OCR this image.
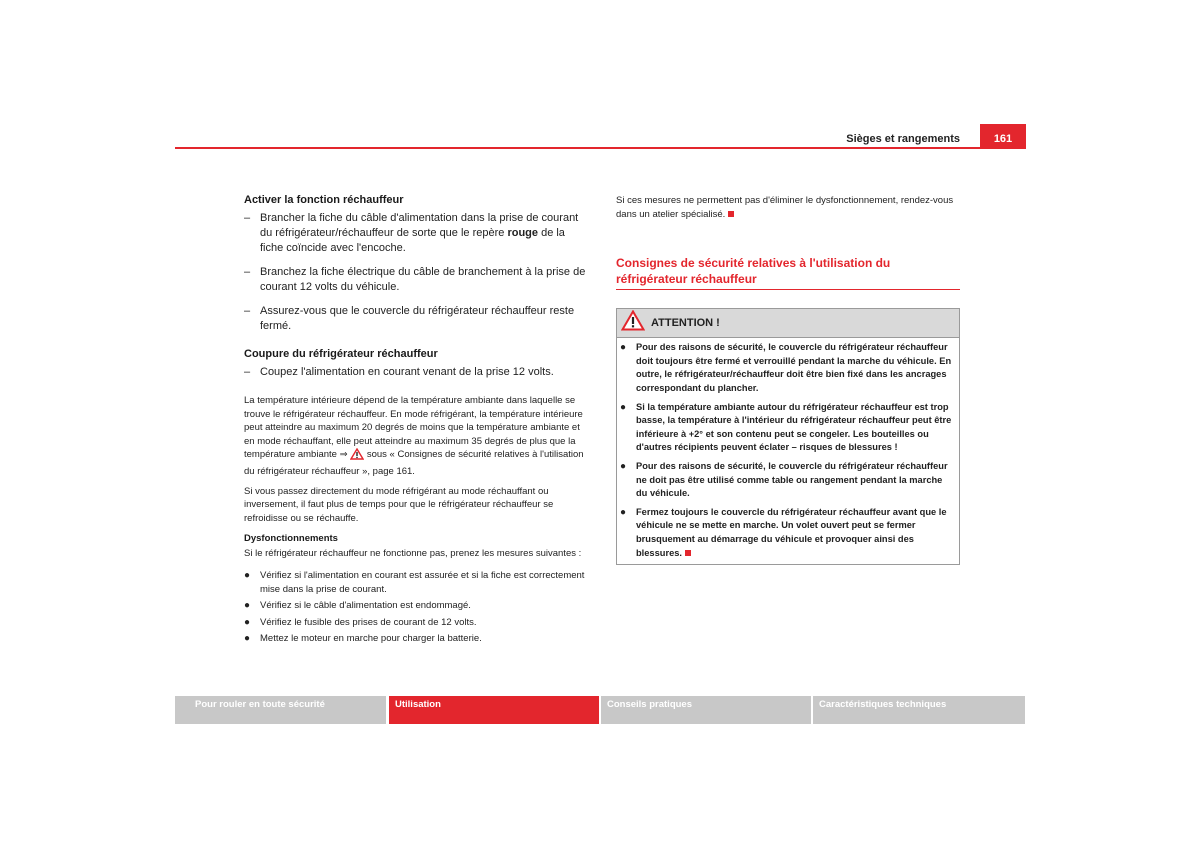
Sièges et rangements	161
Activer la fonction réchauffeur
– Brancher la fiche du câble d'alimentation dans la prise de courant du réfrigérateur/réchauffeur de sorte que le repère rouge de la fiche coïncide avec l'encoche.
– Branchez la fiche électrique du câble de branchement à la prise de courant 12 volts du véhicule.
– Assurez-vous que le couvercle du réfrigérateur réchauffeur reste fermé.
Coupure du réfrigérateur réchauffeur
– Coupez l'alimentation en courant venant de la prise 12 volts.

La température intérieure dépend de la température ambiante dans laquelle se trouve le réfrigérateur réchauffeur. En mode réfrigérant, la température intérieure peut atteindre au maximum 20 degrés de moins que la température ambiante et en mode réchauffant, elle peut atteindre au maximum 35 degrés de plus que la température ambiante ⇒  sous « Consignes de sécurité relatives à l'utilisation du réfrigérateur réchauffeur », page 161.

Si vous passez directement du mode réfrigérant au mode réchauffant ou inversement, il faut plus de temps pour que le réfrigérateur réchauffeur se refroidisse ou se réchauffe.

Dysfonctionnements

Si le réfrigérateur réchauffeur ne fonctionne pas, prenez les mesures suivantes :

● Vérifiez si l'alimentation en courant est assurée et si la fiche est correctement mise dans la prise de courant.
● Vérifiez si le câble d'alimentation est endommagé.
● Vérifiez le fusible des prises de courant de 12 volts.
● Mettez le moteur en marche pour charger la batterie.

Si ces mesures ne permettent pas d'éliminer le dysfonctionnement, rendez-vous dans un atelier spécialisé.

Consignes de sécurité relatives à l'utilisation du réfrigérateur réchauffeur
ATTENTION !
● Pour des raisons de sécurité, le couvercle du réfrigérateur réchauffeur doit toujours être fermé et verrouillé pendant la marche du véhicule. En outre, le réfrigérateur/réchauffeur doit être bien fixé dans les ancrages correspondant du plancher.
● Si la température ambiante autour du réfrigérateur réchauffeur est trop basse, la température à l'intérieur du réfrigérateur réchauffeur peut être inférieure à +2° et son contenu peut se congeler. Les bouteilles ou d'autres récipients peuvent éclater – risques de blessures !
● Pour des raisons de sécurité, le couvercle du réfrigérateur réchauffeur ne doit pas être utilisé comme table ou rangement pendant la marche du véhicule.
● Fermez toujours le couvercle du réfrigérateur réchauffeur avant que le véhicule ne se mette en marche. Un volet ouvert peut se fermer brusquement au démarrage du véhicule et provoquer ainsi des blessures.
Pour rouler en toute sécurité	Utilisation	Conseils pratiques	Caractéristiques techniques
